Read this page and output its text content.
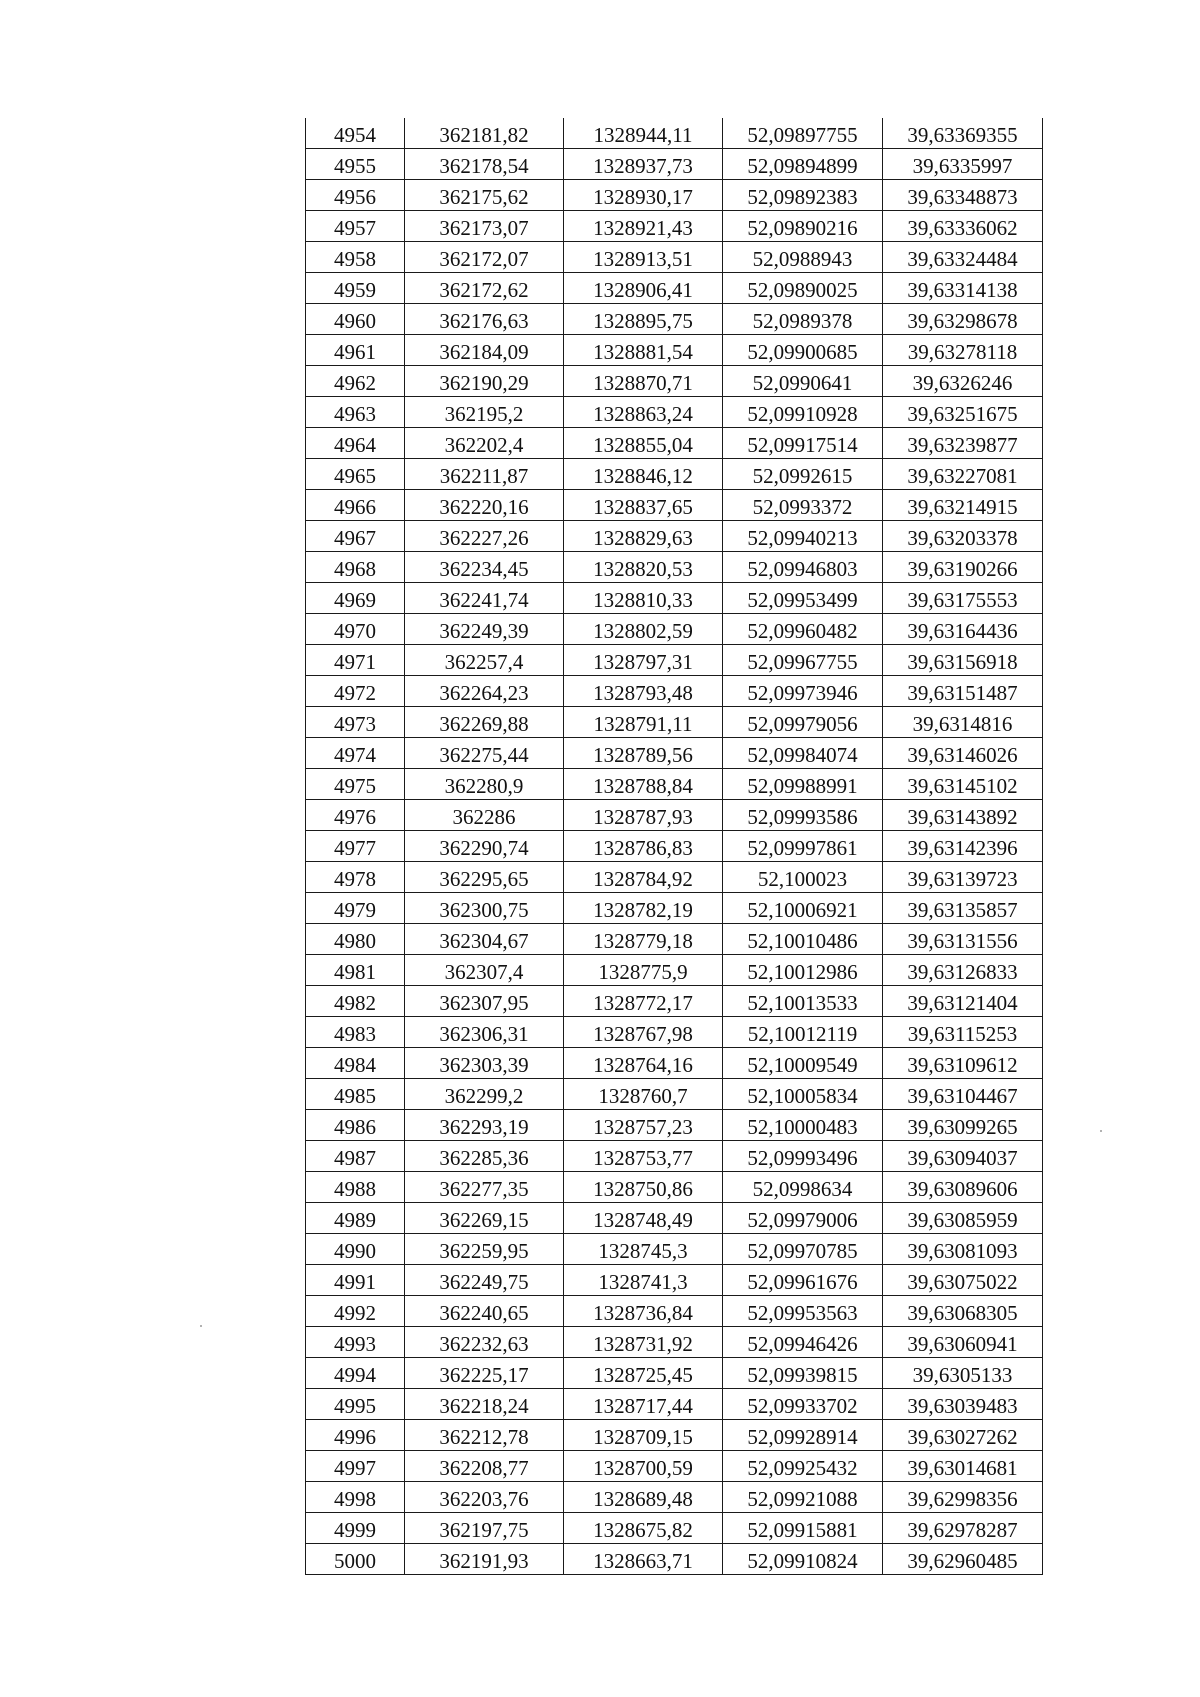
4954	362181,82	1328944,11	52,09897755	39,63369355
4955	362178,54	1328937,73	52,09894899	39,6335997
4956	362175,62	1328930,17	52,09892383	39,63348873
4957	362173,07	1328921,43	52,09890216	39,63336062
4958	362172,07	1328913,51	52,0988943	39,63324484
4959	362172,62	1328906,41	52,09890025	39,63314138
4960	362176,63	1328895,75	52,0989378	39,63298678
4961	362184,09	1328881,54	52,09900685	39,63278118
4962	362190,29	1328870,71	52,0990641	39,6326246
4963	362195,2	1328863,24	52,09910928	39,63251675
4964	362202,4	1328855,04	52,09917514	39,63239877
4965	362211,87	1328846,12	52,0992615	39,63227081
4966	362220,16	1328837,65	52,0993372	39,63214915
4967	362227,26	1328829,63	52,09940213	39,63203378
4968	362234,45	1328820,53	52,09946803	39,63190266
4969	362241,74	1328810,33	52,09953499	39,63175553
4970	362249,39	1328802,59	52,09960482	39,63164436
4971	362257,4	1328797,31	52,09967755	39,63156918
4972	362264,23	1328793,48	52,09973946	39,63151487
4973	362269,88	1328791,11	52,09979056	39,6314816
4974	362275,44	1328789,56	52,09984074	39,63146026
4975	362280,9	1328788,84	52,09988991	39,63145102
4976	362286	1328787,93	52,09993586	39,63143892
4977	362290,74	1328786,83	52,09997861	39,63142396
4978	362295,65	1328784,92	52,100023	39,63139723
4979	362300,75	1328782,19	52,10006921	39,63135857
4980	362304,67	1328779,18	52,10010486	39,63131556
4981	362307,4	1328775,9	52,10012986	39,63126833
4982	362307,95	1328772,17	52,10013533	39,63121404
4983	362306,31	1328767,98	52,10012119	39,63115253
4984	362303,39	1328764,16	52,10009549	39,63109612
4985	362299,2	1328760,7	52,10005834	39,63104467
4986	362293,19	1328757,23	52,10000483	39,63099265
4987	362285,36	1328753,77	52,09993496	39,63094037
4988	362277,35	1328750,86	52,0998634	39,63089606
4989	362269,15	1328748,49	52,09979006	39,63085959
4990	362259,95	1328745,3	52,09970785	39,63081093
4991	362249,75	1328741,3	52,09961676	39,63075022
4992	362240,65	1328736,84	52,09953563	39,63068305
4993	362232,63	1328731,92	52,09946426	39,63060941
4994	362225,17	1328725,45	52,09939815	39,6305133
4995	362218,24	1328717,44	52,09933702	39,63039483
4996	362212,78	1328709,15	52,09928914	39,63027262
4997	362208,77	1328700,59	52,09925432	39,63014681
4998	362203,76	1328689,48	52,09921088	39,62998356
4999	362197,75	1328675,82	52,09915881	39,62978287
5000	362191,93	1328663,71	52,09910824	39,62960485
